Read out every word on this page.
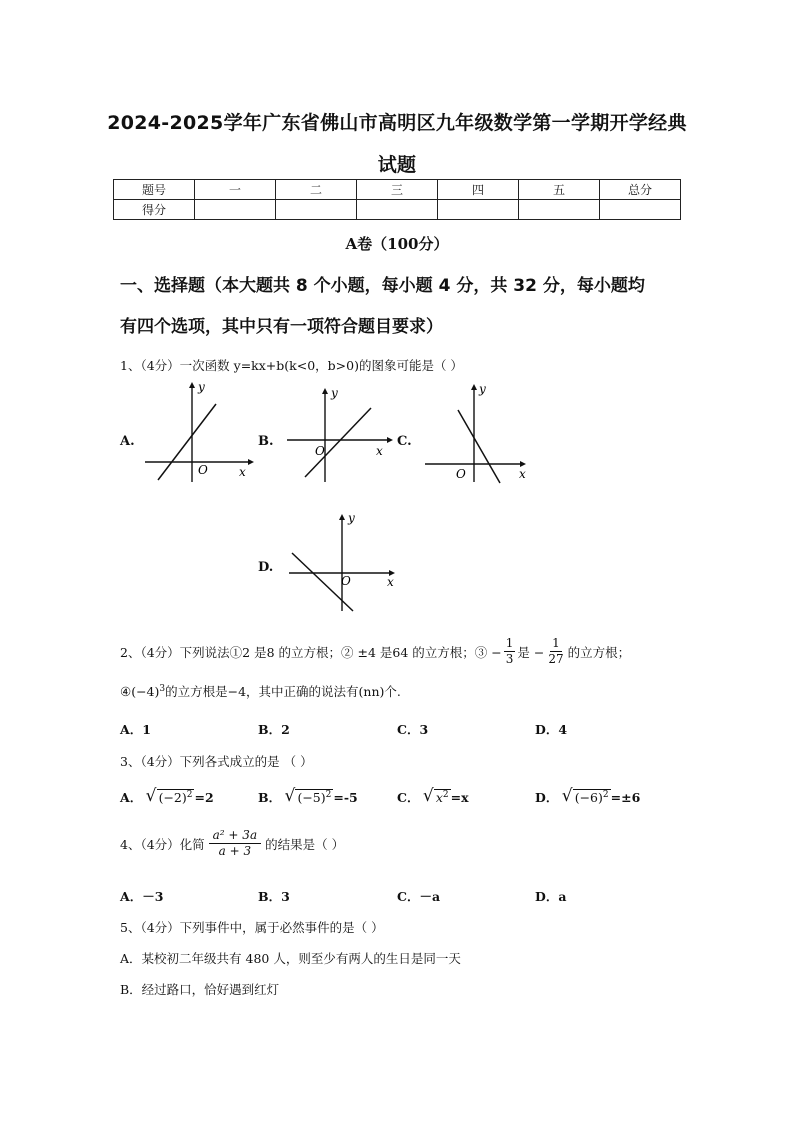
2024-2025学年广东省佛山市高明区九年级数学第一学期开学经典
试题
题号	一	二	三	四	五	总分
得分						
A卷（100分）
一、选择题（本大题共 8 个小题，每小题 4 分，共 32 分，每小题均
有四个选项，其中只有一项符合题目要求）
1、（4分）一次函数 y=kx+b(k<0，b>0)的图象可能是（ ）
A.
O	x
y
B.
O	x
y
C.
O	x
y
D.
O	x
y
2、（4分）下列说法①2 是8 的立方根；② ±4 是64 的立方根；③ − $\frac{1}{3}$ 是 − $\frac{1}{27}$ 的立方根；
$④(-4)^3$的立方根是−4，其中正确的说法有(nn)个.
A．1	B．2	C．3	D．4
3、（4分）下列各式成立的是 （ ）
A． √ $(-2)^2 =2$	B． √ $(-5)^2 =-5$	C． √ $x^2 =x$	D． √ $(-6)^2 =\pm 6$
4、（4分）化简 $\frac{\text{a² + 3a}}{a + 3}$ 的结果是（ ）
A．－3	B．3	C．－a	D．a
5、（4分）下列事件中，属于必然事件的是（ ）
A．某校初二年级共有 480 人，则至少有两人的生日是同一天
B．经过路口，恰好遇到红灯
